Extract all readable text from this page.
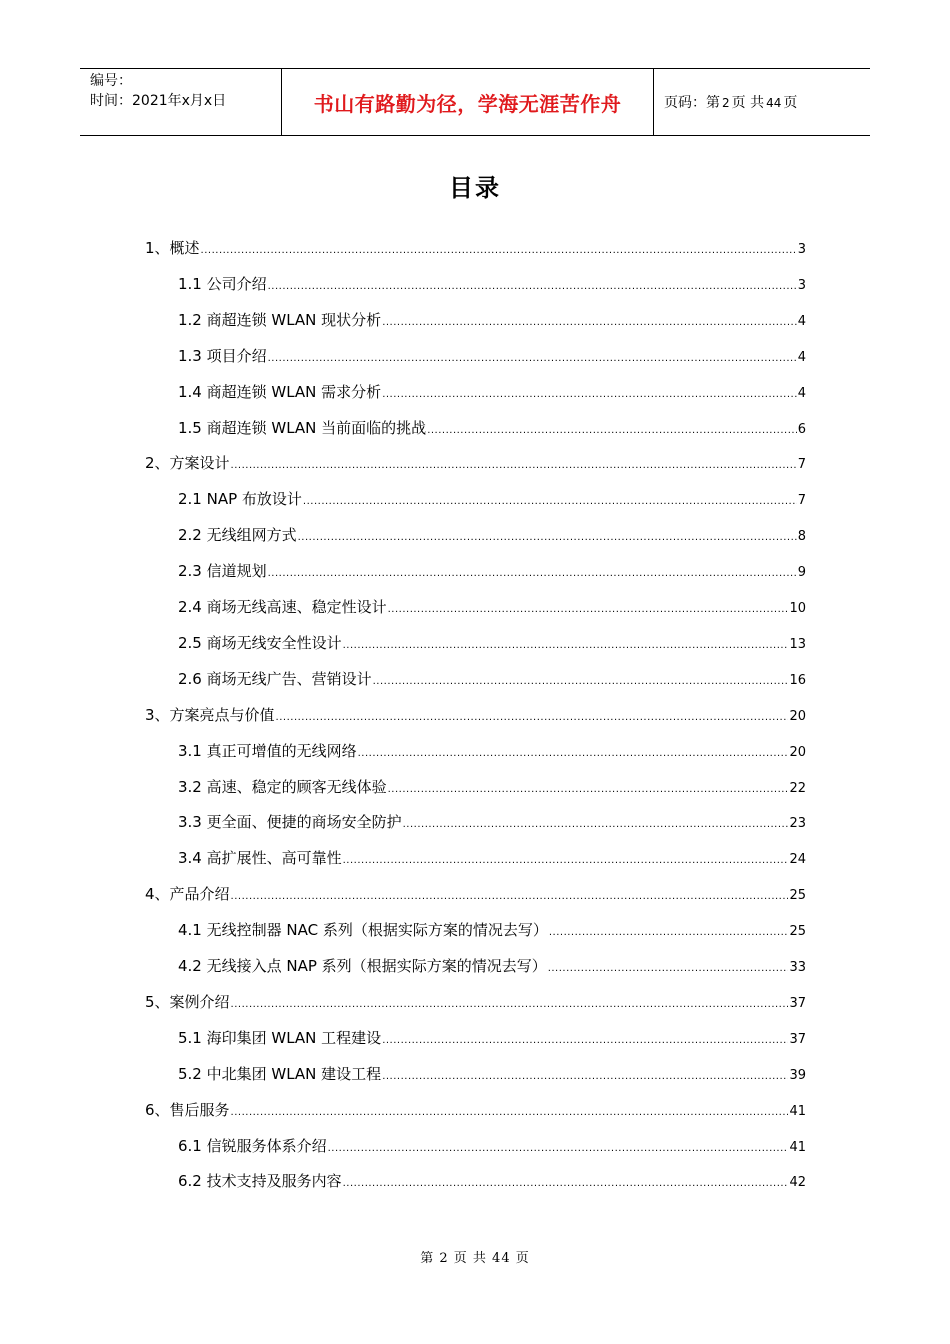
编号：
时间：2021年x月x日	书山有路勤为径，学海无涯苦作舟	页码：第 2 页 共 44 页
目录
1、概述 .....	3
1.1 公司介绍 .....	3
1.2 商超连锁 WLAN 现状分析 .....	4
1.3 项目介绍 .....	4
1.4 商超连锁 WLAN 需求分析 .....	4
1.5 商超连锁 WLAN 当前面临的挑战 .....	6
2、方案设计 .....	7
2.1 NAP 布放设计 .....	7
2.2 无线组网方式 .....	8
2.3 信道规划 .....	9
2.4 商场无线高速、稳定性设计 .....	10
2.5 商场无线安全性设计 .....	13
2.6 商场无线广告、营销设计 .....	16
3、方案亮点与价值 .....	20
3.1 真正可增值的无线网络 .....	20
3.2 高速、稳定的顾客无线体验 .....	22
3.3 更全面、便捷的商场安全防护 .....	23
3.4 高扩展性、高可靠性 .....	24
4、产品介绍 .....	25
4.1 无线控制器 NAC 系列（根据实际方案的情况去写） .....	25
4.2 无线接入点 NAP 系列（根据实际方案的情况去写） .....	33
5、案例介绍 .....	37
5.1 海印集团 WLAN 工程建设 .....	37
5.2 中北集团 WLAN 建设工程 .....	39
6、售后服务 .....	41
6.1 信锐服务体系介绍 .....	41
6.2 技术支持及服务内容 .....	42
第 2 页 共 44 页
